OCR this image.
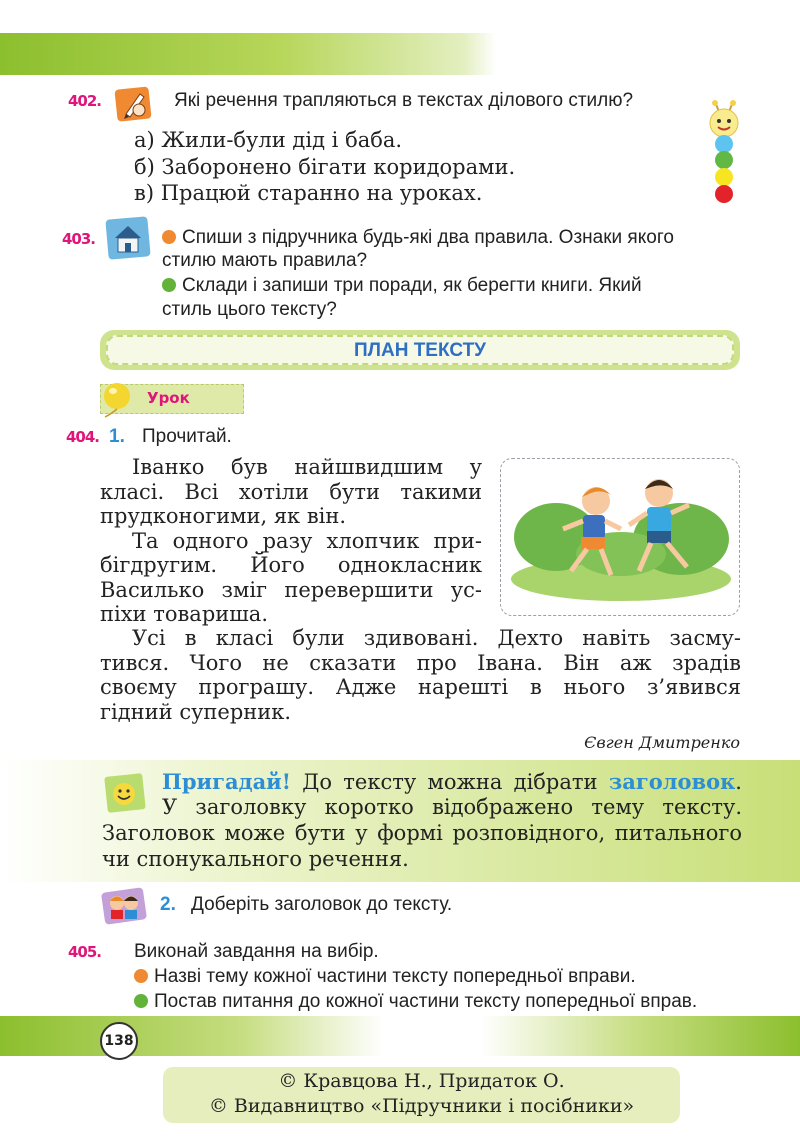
402.	Які речення трапляються в текстах ділового стилю?
а) Жили-були дід і баба.
б) Заборонено бігати коридорами.
в) Працюй старанно на уроках.
403.	Спиши з підручника будь-які два правила. Ознаки якого
стилю мають правила?
Склади і запиши три поради, як берегти книги. Який
стиль цього тексту?
ПЛАН ТЕКСТУ
Урок
404. 1. Прочитай.
Іванко був найшвидшим у
класі. Всі хотіли бути такими
прудконогими, як він.
Та одного разу хлопчик при-
бігдругим. Його однокласник
Василько зміг перевершити ус-
піхи товариша.
Усі в класі були здивовані. Дехто навіть засму-
тився. Чого не сказати про Івана. Він аж зрадів
своєму програшу. Адже нарешті в нього з’явився
гідний суперник.
Євген Дмитренко
Пригадай! До тексту можна дібрати заголовок.
У заголовку коротко відображено тему тексту.
Заголовок може бути у формі розповідного, питального
чи спонукального речення.
2. Доберіть заголовок до тексту.
405. Виконай завдання на вибір.
Назві тему кожної частини тексту попередньої вправи.
Постав питання до кожної частини тексту попередньої вправ.
138
© Кравцова Н., Придаток О.
© Видавництво «Підручники і посібники»
